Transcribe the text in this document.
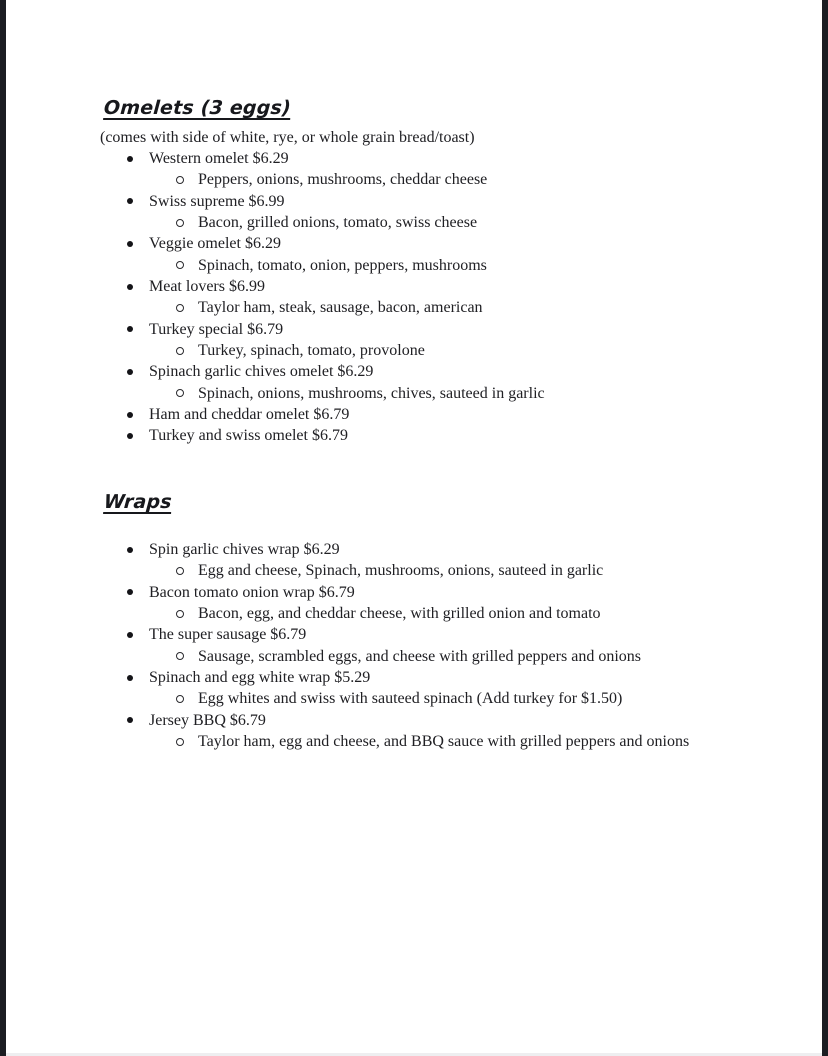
Omelets (3 eggs)

(comes with side of white, rye, or whole grain bread/toast)

Western omelet $6.29
Peppers, onions, mushrooms, cheddar cheese
Swiss supreme $6.99
Bacon, grilled onions, tomato, swiss cheese
Veggie omelet $6.29
Spinach, tomato, onion, peppers, mushrooms
Meat lovers $6.99
Taylor ham, steak, sausage, bacon, american
Turkey special $6.79
Turkey, spinach, tomato, provolone
Spinach garlic chives omelet $6.29
Spinach, onions, mushrooms, chives, sauteed in garlic
Ham and cheddar omelet $6.79
Turkey and swiss omelet $6.79
Wraps
Spin garlic chives wrap $6.29
Egg and cheese, Spinach, mushrooms, onions, sauteed in garlic
Bacon tomato onion wrap $6.79
Bacon, egg, and cheddar cheese, with grilled onion and tomato
The super sausage $6.79
Sausage, scrambled eggs, and cheese with grilled peppers and onions
Spinach and egg white wrap $5.29
Egg whites and swiss with sauteed spinach (Add turkey for $1.50)
Jersey BBQ $6.79
Taylor ham, egg and cheese, and BBQ sauce with grilled peppers and onions
